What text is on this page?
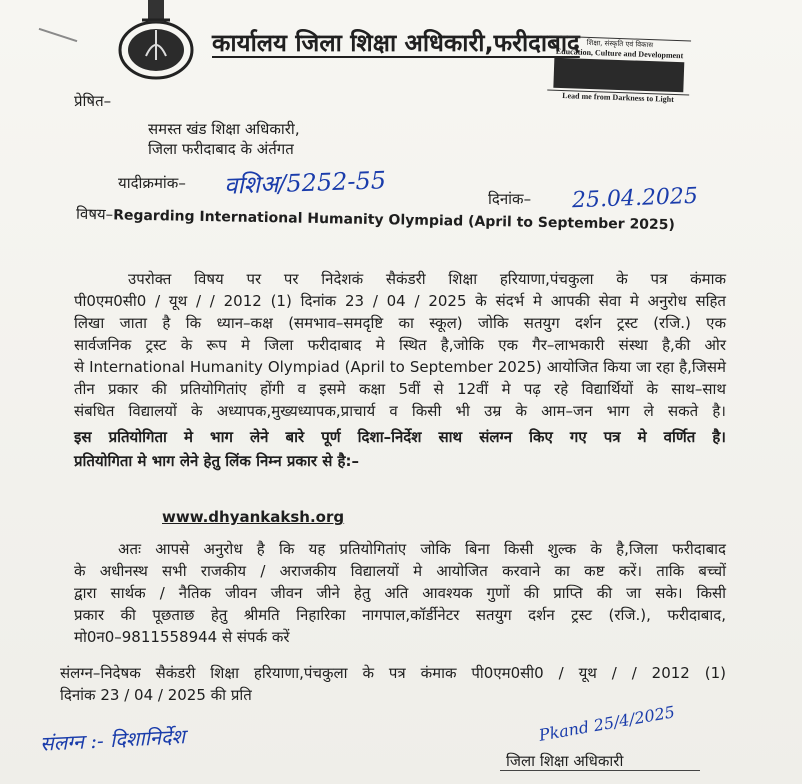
कार्यालय जिला शिक्षा अधिकारी,फरीदाबाद शिक्षा, संस्कृति एवं विकास
Education, Culture and Development
Lead me from Darkness to Light
प्रेषित–
समस्त खंड शिक्षा अधिकारी,
जिला फरीदाबाद के अंर्तगत
यादीक्रमांक– वशिअ/5252-55	दिनांक– 25.04.2025
विषय–Regarding International Humanity Olympiad (April to September 2025)
उपरोक्त विषय पर पर निदेशकं सैकंडरी शिक्षा हरियाणा,पंचकुला के पत्र कंमाक
पी0एम0सी0 / यूथ / / 2012 (1) दिनांक 23 / 04 / 2025 के संदर्भ मे आपकी सेवा मे अनुरोध सहित
लिखा जाता है कि ध्यान–कक्ष (समभाव–समदृष्टि का स्कूल) जोकि सतयुग दर्शन ट्रस्ट (रजि.) एक
सार्वजनिक ट्रस्ट के रूप मे जिला फरीदाबाद मे स्थित है,जोकि एक गैर–लाभकारी संस्था है,की ओर
से International Humanity Olympiad (April to September 2025) आयोजित किया जा रहा है,जिसमे
तीन प्रकार की प्रतियोगितांए होंगी व इसमे कक्षा 5वीं से 12वीं मे पढ़ रहे विद्यार्थियों के साथ–साथ
संबधित विद्यालयों के अध्यापक,मुख्यध्यापक,प्राचार्य व किसी भी उम्र के आम–जन भाग ले सकते है।
इस प्रतियोगिता मे भाग लेने बारे पूर्ण दिशा–निर्देश साथ संलग्न किए गए पत्र मे वर्णित है।
प्रतियोगिता मे भाग लेने हेतु लिंक निम्न प्रकार से है:–
www.dhyankaksh.org
अतः आपसे अनुरोध है कि यह प्रतियोगितांए जोकि बिना किसी शुल्क के है,जिला फरीदाबाद
के अधीनस्थ सभी राजकीय / अराजकीय विद्यालयों मे आयोजित करवाने का कष्ट करें। ताकि बच्चों
द्वारा सार्थक / नैतिक जीवन जीवन जीने हेतु अति आवश्यक गुणों की प्राप्ति की जा सके। किसी
प्रकार की पूछताछ हेतु श्रीमति निहारिका नागपाल,कॉर्डीनेटर सतयुग दर्शन ट्रस्ट (रजि.), फरीदाबाद,
मो0न0–9811558944 से संपर्क करें
संलग्न–निदेषक सैकंडरी शिक्षा हरियाणा,पंचकुला के पत्र कंमाक पी0एम0सी0 / यूथ / / 2012 (1)
दिनांक 23 / 04 / 2025 की प्रति
संलग्न :- दिशानिर्देश	Pkand 25/4/2025
जिला शिक्षा अधिकारी
